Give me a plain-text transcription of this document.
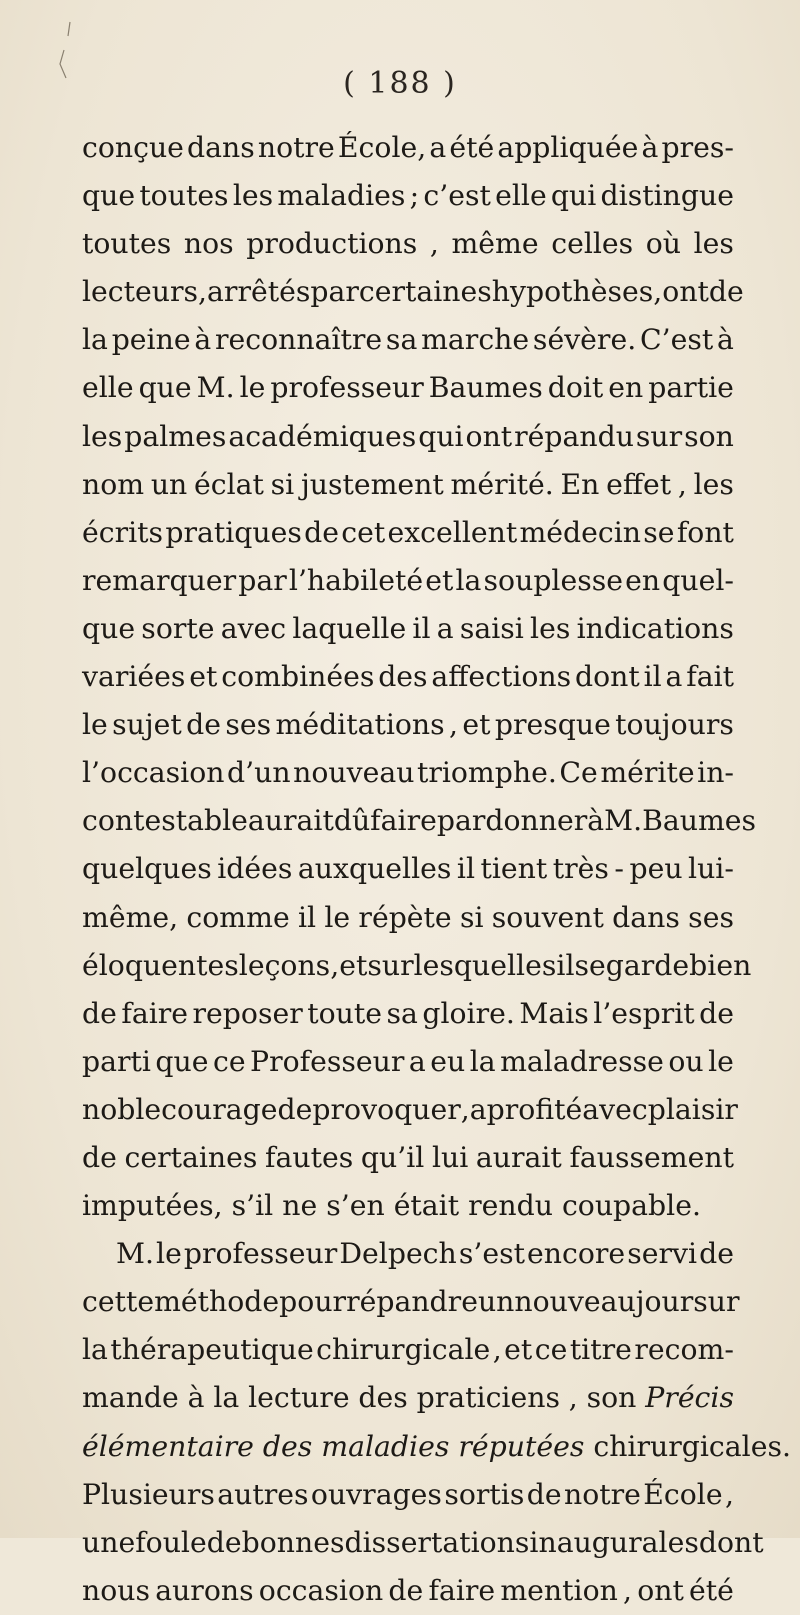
( 188 )
conçue dans notre École, a été appliquée à pres-
que toutes les maladies ; c’est elle qui distingue
toutes nos productions , même celles où les
lecteurs , arrêtés par certaines hypothèses , ont de
la peine à reconnaître sa marche sévère. C’est à
elle que M. le professeur Baumes doit en partie
les palmes académiques qui ont répandu sur son
nom un éclat si justement mérité. En effet , les
écrits pratiques de cet excellent médecin se font
remarquer par l’habileté et la souplesse en quel-
que sorte avec laquelle il a saisi les indications
variées et combinées des affections dont il a fait
le sujet de ses méditations , et presque toujours
l’occasion d’un nouveau triomphe. Ce mérite in-
contestable aurait dû faire pardonner à M. Baumes
quelques idées auxquelles il tient très - peu lui-
même, comme il le répète si souvent dans ses
éloquentes leçons, et sur lesquelles il se garde bien
de faire reposer toute sa gloire. Mais l’esprit de
parti que ce Professeur a eu la maladresse ou le
noble courage de provoquer , a profité avec plaisir
de certaines fautes qu’il lui aurait faussement
imputées, s’il ne s’en était rendu coupable.
M. le professeur Delpech s’est encore servi de
cette méthode pour répandre un nouveau jour sur
la thérapeutique chirurgicale , et ce titre recom-
mande à la lecture des praticiens , son Précis
élémentaire des maladies réputées chirurgicales.
Plusieurs autres ouvrages sortis de notre École ,
une foule de bonnes dissertations inaugurales dont
nous aurons occasion de faire mention , ont été
